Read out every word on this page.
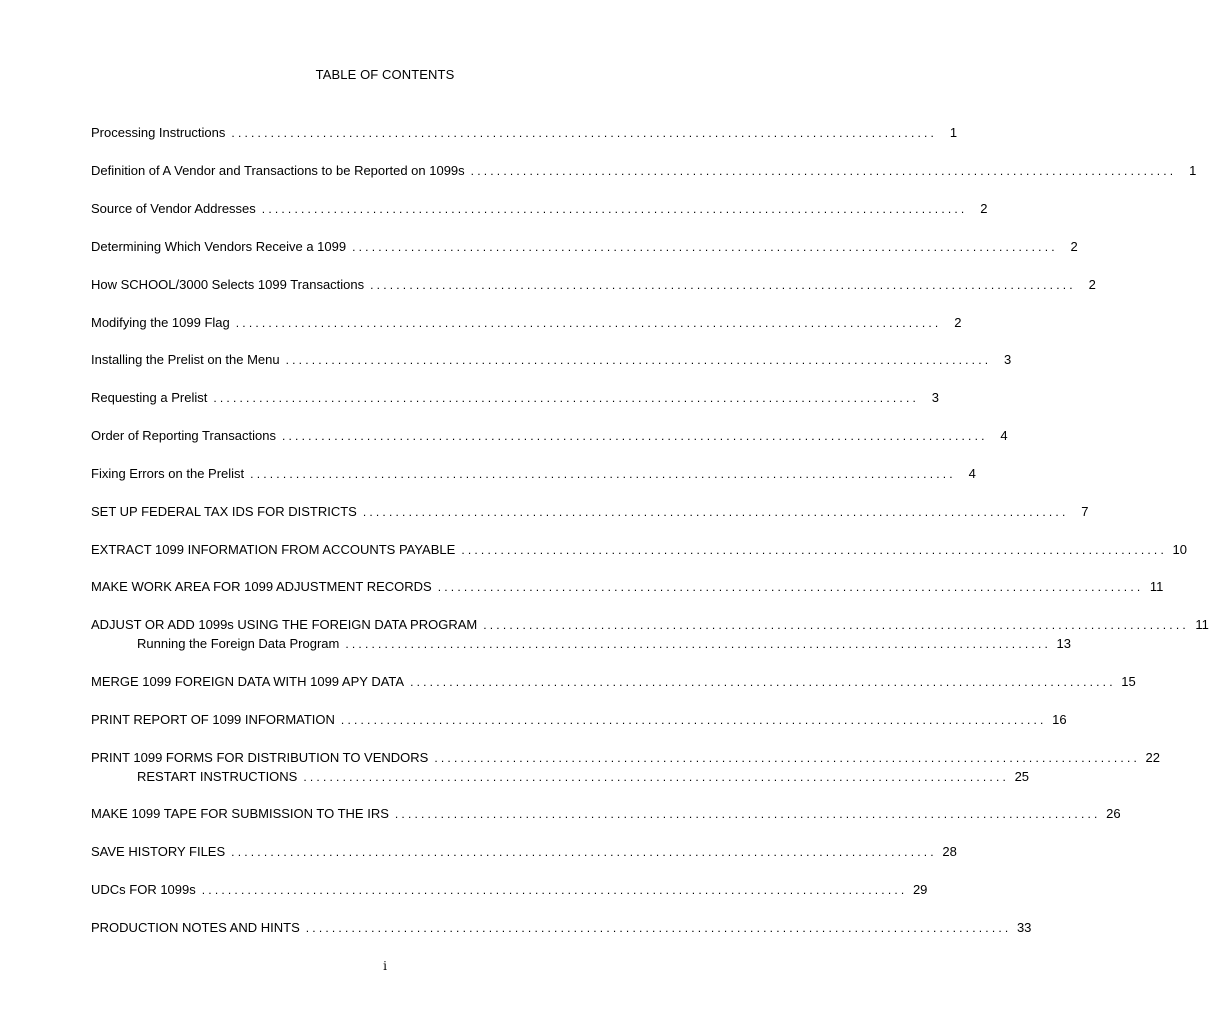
TABLE OF CONTENTS
Processing Instructions ............................................................................................................ 1
Definition of A Vendor and Transactions to be Reported on 1099s ............................................................................................................ 1
Source of Vendor Addresses ............................................................................................................ 2
Determining Which Vendors Receive a 1099 ............................................................................................................ 2
How SCHOOL/3000 Selects 1099 Transactions ............................................................................................................ 2
Modifying the 1099 Flag ............................................................................................................ 2
Installing the Prelist on the Menu ............................................................................................................ 3
Requesting a Prelist ............................................................................................................ 3
Order of Reporting Transactions ............................................................................................................ 4
Fixing Errors on the Prelist ............................................................................................................ 4
SET UP FEDERAL TAX IDS FOR DISTRICTS ............................................................................................................ 7
EXTRACT 1099 INFORMATION FROM ACCOUNTS PAYABLE ............................................................................................................ 10
MAKE WORK AREA FOR 1099 ADJUSTMENT RECORDS ............................................................................................................ 11
ADJUST OR ADD 1099s USING THE FOREIGN DATA PROGRAM ............................................................................................................ 11
Running the Foreign Data Program ............................................................................................................ 13
MERGE 1099 FOREIGN DATA WITH 1099 APY DATA ............................................................................................................ 15
PRINT REPORT OF 1099 INFORMATION ............................................................................................................ 16
PRINT 1099 FORMS FOR DISTRIBUTION TO VENDORS ............................................................................................................ 22
RESTART INSTRUCTIONS ............................................................................................................ 25
MAKE 1099 TAPE FOR SUBMISSION TO THE IRS ............................................................................................................ 26
SAVE HISTORY FILES ............................................................................................................ 28
UDCs FOR 1099s ............................................................................................................ 29
PRODUCTION NOTES AND HINTS ............................................................................................................ 33
i
